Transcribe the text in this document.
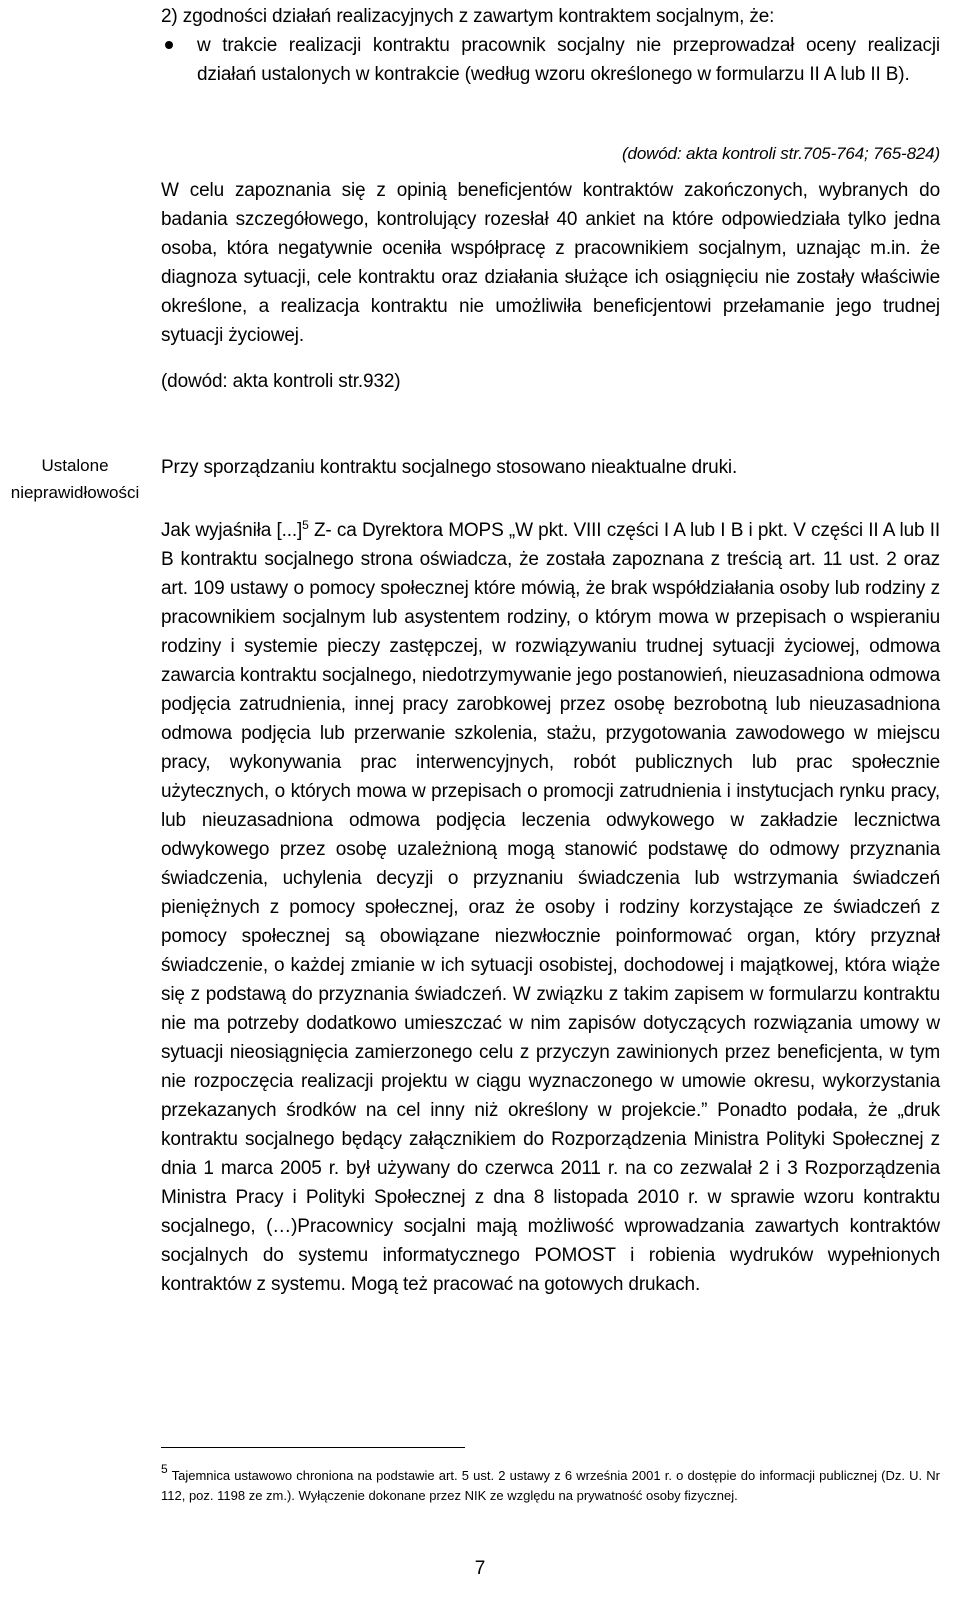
2) zgodności działań realizacyjnych z zawartym kontraktem socjalnym, że:

w trakcie realizacji kontraktu pracownik socjalny nie przeprowadzał oceny realizacji działań ustalonych w kontrakcie (według wzoru określonego w formularzu II A lub II B).
(dowód: akta kontroli str.705-764; 765-824)
W celu zapoznania się z opinią beneficjentów kontraktów zakończonych, wybranych do badania szczegółowego, kontrolujący rozesłał 40 ankiet na które odpowiedziała tylko jedna osoba, która negatywnie oceniła współpracę z pracownikiem socjalnym, uznając m.in. że diagnoza sytuacji, cele kontraktu oraz działania służące ich osiągnięciu nie zostały właściwie określone, a realizacja kontraktu nie umożliwiła beneficjentowi przełamanie jego trudnej sytuacji życiowej.
(dowód: akta kontroli str.932)
Ustalone
nieprawidłowości
Przy sporządzaniu kontraktu socjalnego stosowano nieaktualne druki.
Jak wyjaśniła [...]$^5$ Z- ca Dyrektora MOPS „W pkt. VIII części I A lub I B i pkt. V części II A lub II B kontraktu socjalnego strona oświadcza, że została zapoznana z treścią art. 11 ust. 2 oraz art. 109 ustawy o pomocy społecznej które mówią, że brak współdziałania osoby lub rodziny z pracownikiem socjalnym lub asystentem rodziny, o którym mowa w przepisach o wspieraniu rodziny i systemie pieczy zastępczej, w rozwiązywaniu trudnej sytuacji życiowej, odmowa zawarcia kontraktu socjalnego, niedotrzymywanie jego postanowień, nieuzasadniona odmowa podjęcia zatrudnienia, innej pracy zarobkowej przez osobę bezrobotną lub nieuzasadniona odmowa podjęcia lub przerwanie szkolenia, stażu, przygotowania zawodowego w miejscu pracy, wykonywania prac interwencyjnych, robót publicznych lub prac społecznie użytecznych, o których mowa w przepisach o promocji zatrudnienia i instytucjach rynku pracy, lub nieuzasadniona odmowa podjęcia leczenia odwykowego w zakładzie lecznictwa odwykowego przez osobę uzależnioną mogą stanowić podstawę do odmowy przyznania świadczenia, uchylenia decyzji o przyznaniu świadczenia lub wstrzymania świadczeń pieniężnych z pomocy społecznej, oraz że osoby i rodziny korzystające ze świadczeń z pomocy społecznej są obowiązane niezwłocznie poinformować organ, który przyznał świadczenie, o każdej zmianie w ich sytuacji osobistej, dochodowej i majątkowej, która wiąże się z podstawą do przyznania świadczeń. W związku z takim zapisem w formularzu kontraktu nie ma potrzeby dodatkowo umieszczać w nim zapisów dotyczących rozwiązania umowy w sytuacji nieosiągnięcia zamierzonego celu z przyczyn zawinionych przez beneficjenta, w tym nie rozpoczęcia realizacji projektu w ciągu wyznaczonego w umowie okresu, wykorzystania przekazanych środków na cel inny niż określony w projekcie.” Ponadto podała, że „druk kontraktu socjalnego będący załącznikiem do Rozporządzenia Ministra Polityki Społecznej z dnia 1 marca 2005 r. był używany do czerwca 2011 r. na co zezwalał 2 i 3 Rozporządzenia Ministra Pracy i Polityki Społecznej z dna 8 listopada 2010 r. w sprawie wzoru kontraktu socjalnego, (…)Pracownicy socjalni mają możliwość wprowadzania zawartych kontraktów socjalnych do systemu informatycznego POMOST i robienia wydruków wypełnionych kontraktów z systemu. Mogą też pracować na gotowych drukach.
$^5$ Tajemnica ustawowo chroniona na podstawie art. 5 ust. 2 ustawy z 6 września 2001 r. o dostępie do informacji publicznej (Dz. U. Nr 112, poz. 1198 ze zm.). Wyłączenie dokonane przez NIK ze względu na prywatność osoby fizycznej.
7
